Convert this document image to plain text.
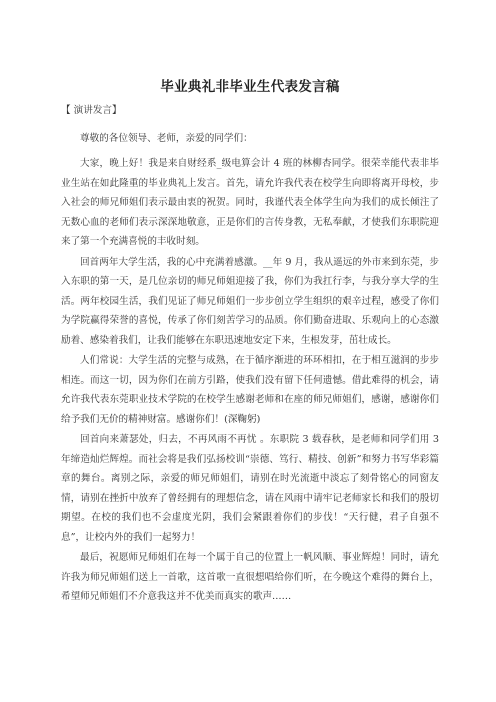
毕业典礼非毕业生代表发言稿
【 演讲发言】
尊敬的各位领导、老师，亲爱的同学们：

大家，晚上好！我是来自财经系_级电算会计 4 班的林柳杏同学。很荣幸能代表非毕业生站在如此隆重的毕业典礼上发言。首先，请允许我代表在校学生向即将离开母校，步入社会的师兄师姐们表示最由衷的祝贺。同时，我谨代表全体学生向为我们的成长倾注了无数心血的老师们表示深深地敬意，正是你们的言传身教，无私奉献，才使我们东职院迎来了第一个充满喜悦的丰收时刻。

回首两年大学生活，我的心中充满着感激。__年 9 月，我从遥远的外市来到东莞，步入东职的第一天，是几位亲切的师兄师姐迎接了我，你们为我扛行李，与我分享大学的生活。两年校园生活，我们见证了师兄师姐们一步步创立学生组织的艰辛过程，感受了你们为学院赢得荣誉的喜悦，传承了你们刻苦学习的品质。你们勤奋进取、乐观向上的心态激励着、感染着我们，让我们能够在东职迅速地安定下来，生根发芽，茁壮成长。

人们常说：大学生活的完整与成熟，在于循序渐进的环环相扣，在于相互滋润的步步相连。而这一切，因为你们在前方引路，使我们没有留下任何遗憾。借此难得的机会，请允许我代表东莞职业技术学院的在校学生感谢老师和在座的师兄师姐们，感谢，感谢你们给予我们无价的精神财富。感谢你们！(深鞠躬)

回首向来萧瑟处，归去，不再风雨不再忧 。东职院 3 载春秋，是老师和同学们用 3 年缔造灿烂辉煌。而社会将是我们弘扬校训“崇德、笃行、精技、创新”和努力书写华彩篇章的舞台。离别之际，亲爱的师兄师姐们，请别在时光流逝中淡忘了刻骨铭心的同窗友情，请别在挫折中放弃了曾经拥有的理想信念，请在风雨中请牢记老师家长和我们的殷切期望。在校的我们也不会虚度光阴，我们会紧跟着你们的步伐！“天行健，君子自强不息”，让校内外的我们一起努力！

最后，祝愿师兄师姐们在每一个属于自己的位置上一帆风顺、事业辉煌！同时，请允许我为师兄师姐们送上一首歌，这首歌一直很想唱给你们听，在今晚这个难得的舞台上，希望师兄师姐们不介意我这并不优美而真实的歌声……
